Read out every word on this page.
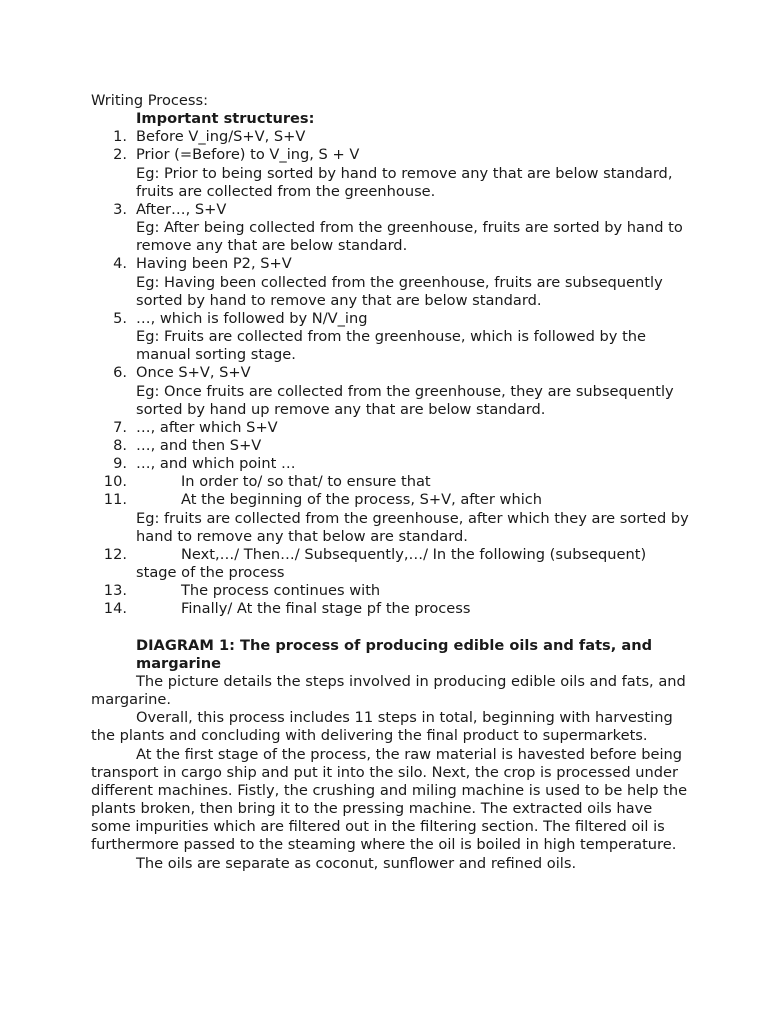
Writing Process:

Important structures:

1. Before V_ing/S+V, S+V
2. Prior (=Before) to V_ing, S + V

Eg: Prior to being sorted by hand to remove any that are below standard, fruits are collected from the greenhouse.

3. After…, S+V

Eg: After being collected from the greenhouse, fruits are sorted by hand to remove any that are below standard.

4. Having been P2, S+V

Eg: Having been collected from the greenhouse, fruits are subsequently sorted by hand to remove any that are below standard.

5. …, which is followed by N/V_ing

Eg: Fruits are collected from the greenhouse, which is followed by the manual sorting stage.

6. Once S+V, S+V

Eg: Once fruits are collected from the greenhouse, they are subsequently sorted by hand up remove any that are below standard.

7. …, after which S+V
8. …, and then S+V
9. …, and which point …
10.	In order to/ so that/ to ensure that
11.	At the beginning of the process, S+V, after which

Eg: fruits are collected from the greenhouse, after which they are sorted by hand to remove any that below are standard.

12.	Next,…/ Then…/ Subsequently,…/ In the following (subsequent)

stage of the process

13.	The process continues with
14.	Finally/ At the final stage pf the process

DIAGRAM 1: The process of producing edible oils and fats, and margarine

The picture details the steps involved in producing edible oils and fats, and margarine.

Overall, this process includes 11 steps in total, beginning with harvesting the plants and concluding with delivering the final product to supermarkets.

At the first stage of the process, the raw material is havested before being transport in cargo ship and put it into the silo. Next, the crop is processed under different machines. Fistly, the crushing and miling machine is used to be help the plants broken, then bring it to the pressing machine. The extracted oils have some impurities which are filtered out in the filtering section. The filtered oil is furthermore passed to the steaming where the oil is boiled in high temperature.

The oils are separate as coconut, sunflower and refined oils.
